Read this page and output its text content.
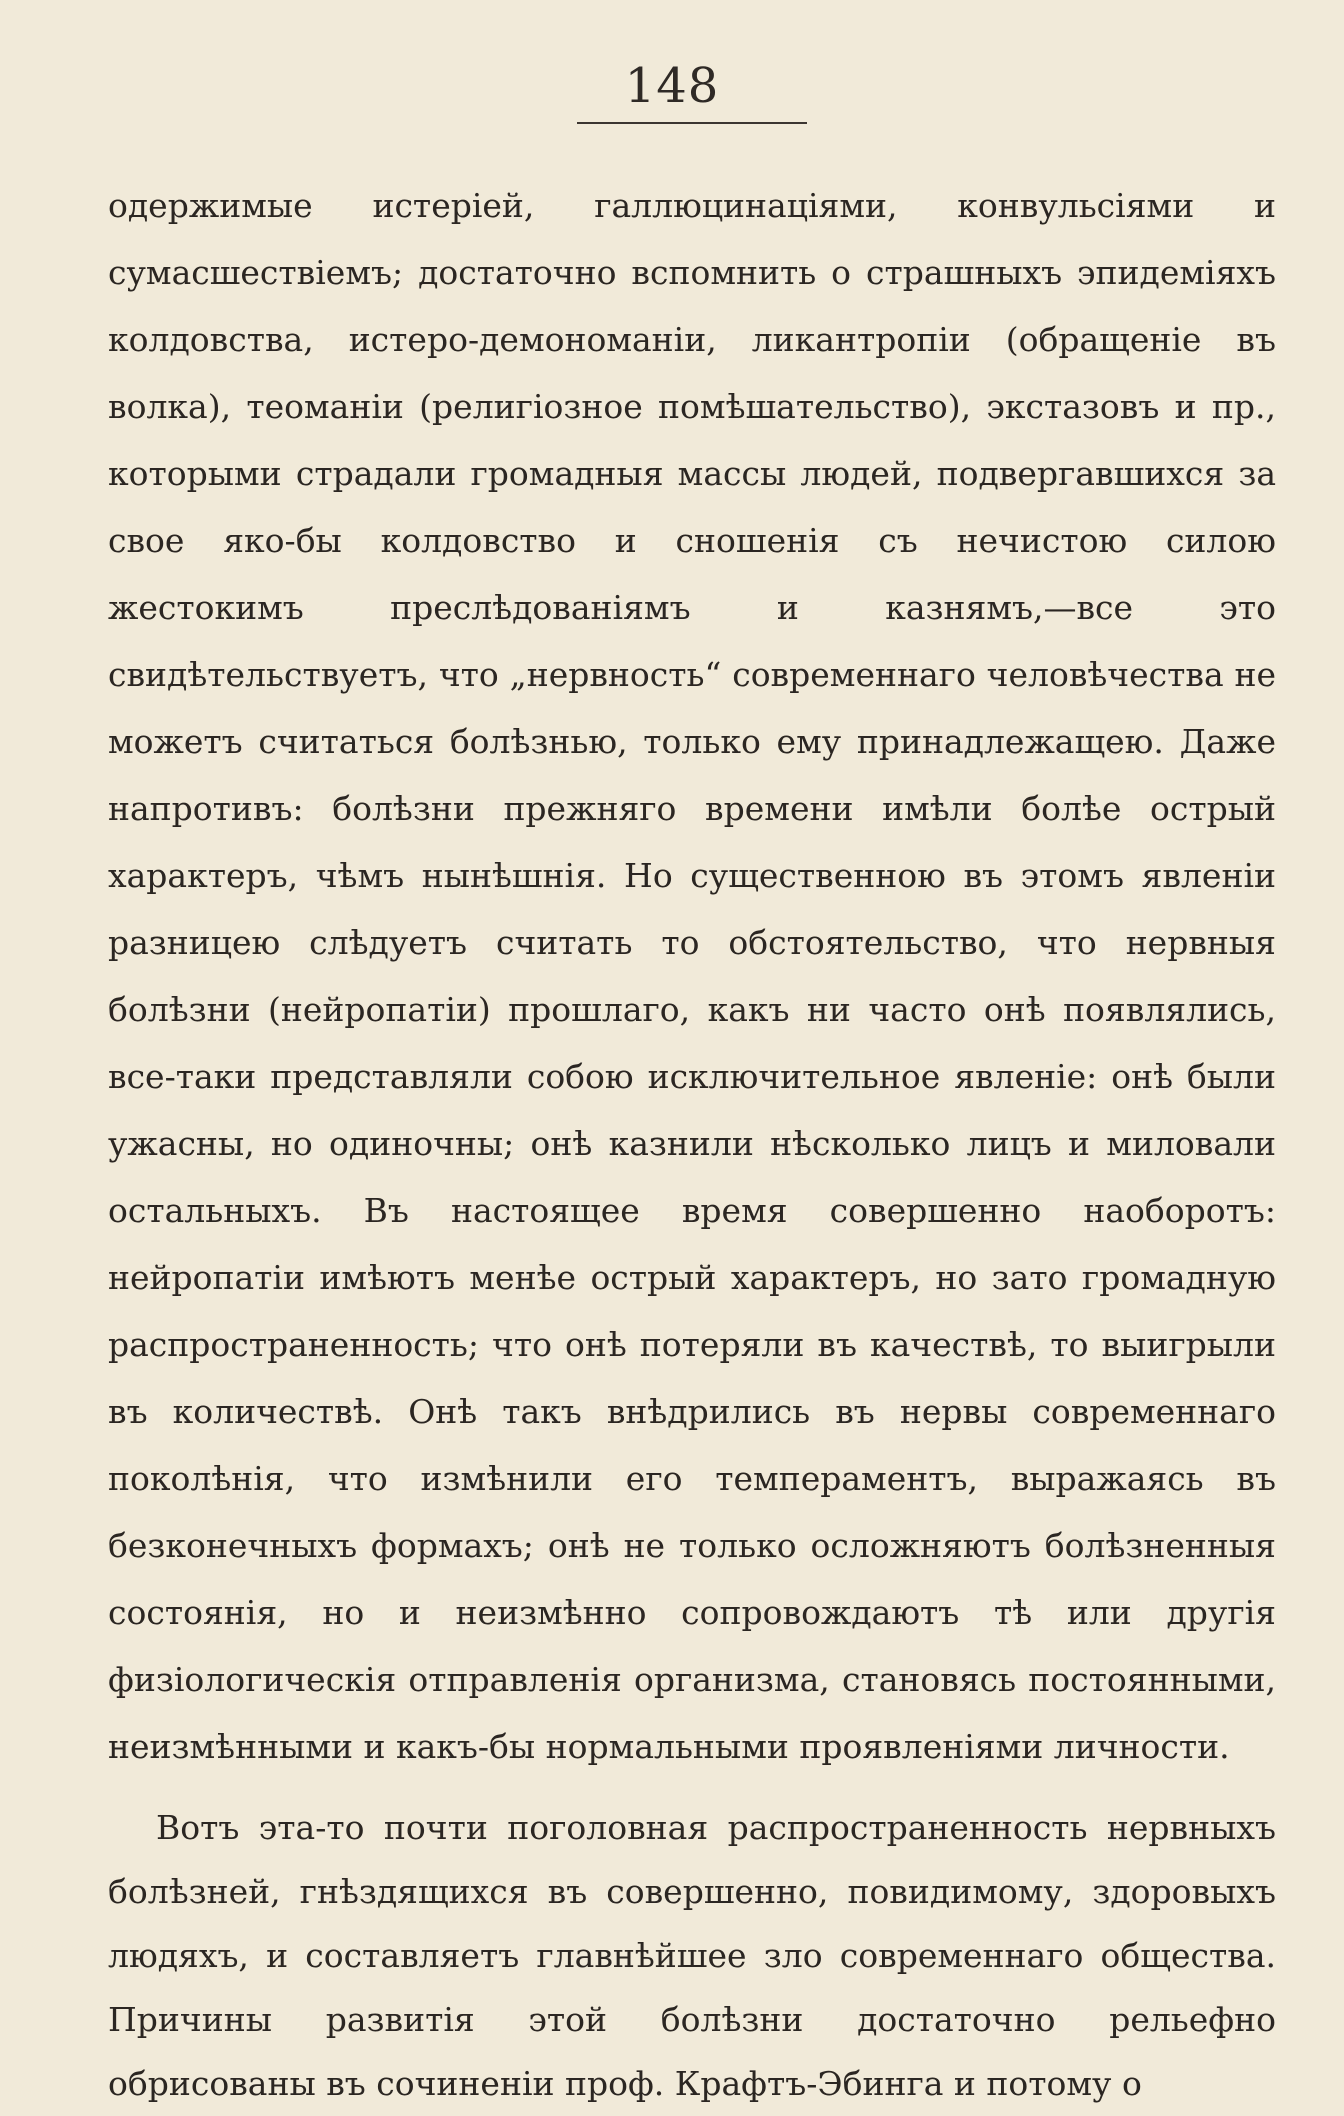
148

одержимые истеріей, галлюцинаціями, конвульсіями и сумасшествіемъ; достаточно вспомнить о страшныхъ эпидеміяхъ колдовства, истеро-демономаніи, ликантропіи (обращеніе въ волка), теоманіи (религіозное помѣшательство), экстазовъ и пр., которыми страдали громадныя массы людей, подвергавшихся за свое яко-бы колдовство и сношенія съ нечистою силою жестокимъ преслѣдованіямъ и казнямъ,—все это свидѣтельствуетъ, что „нервность“ современнаго человѣчества не можетъ считаться болѣзнью, только ему принадлежащею. Даже напротивъ: болѣзни прежняго времени имѣли болѣе острый характеръ, чѣмъ нынѣшнія. Но существенною въ этомъ явленіи разницею слѣдуетъ считать то обстоятельство, что нервныя болѣзни (нейропатіи) прошлаго, какъ ни часто онѣ появлялись, все-таки представляли собою исключительное явленіе: онѣ были ужасны, но одиночны; онѣ казнили нѣсколько лицъ и миловали остальныхъ. Въ настоящее время совершенно наоборотъ: нейропатіи имѣютъ менѣе острый характеръ, но зато громадную распространенность; что онѣ потеряли въ качествѣ, то выигрыли въ количествѣ. Онѣ такъ внѣдрились въ нервы современнаго поколѣнія, что измѣнили его темпераментъ, выражаясь въ безконечныхъ формахъ; онѣ не только осложняютъ болѣзненныя состоянія, но и неизмѣнно сопровождаютъ тѣ или другія физіологическія отправленія организма, становясь постоянными, неизмѣнными и какъ-бы нормальными проявленіями личности.

Вотъ эта-то почти поголовная распространенность нервныхъ болѣзней, гнѣздящихся въ совершенно, повидимому, здоровыхъ людяхъ, и составляетъ главнѣйшее зло современнаго общества. Причины развитія этой болѣзни достаточно рельефно обрисованы въ сочиненіи проф. Крафтъ-Эбинга и потому о
